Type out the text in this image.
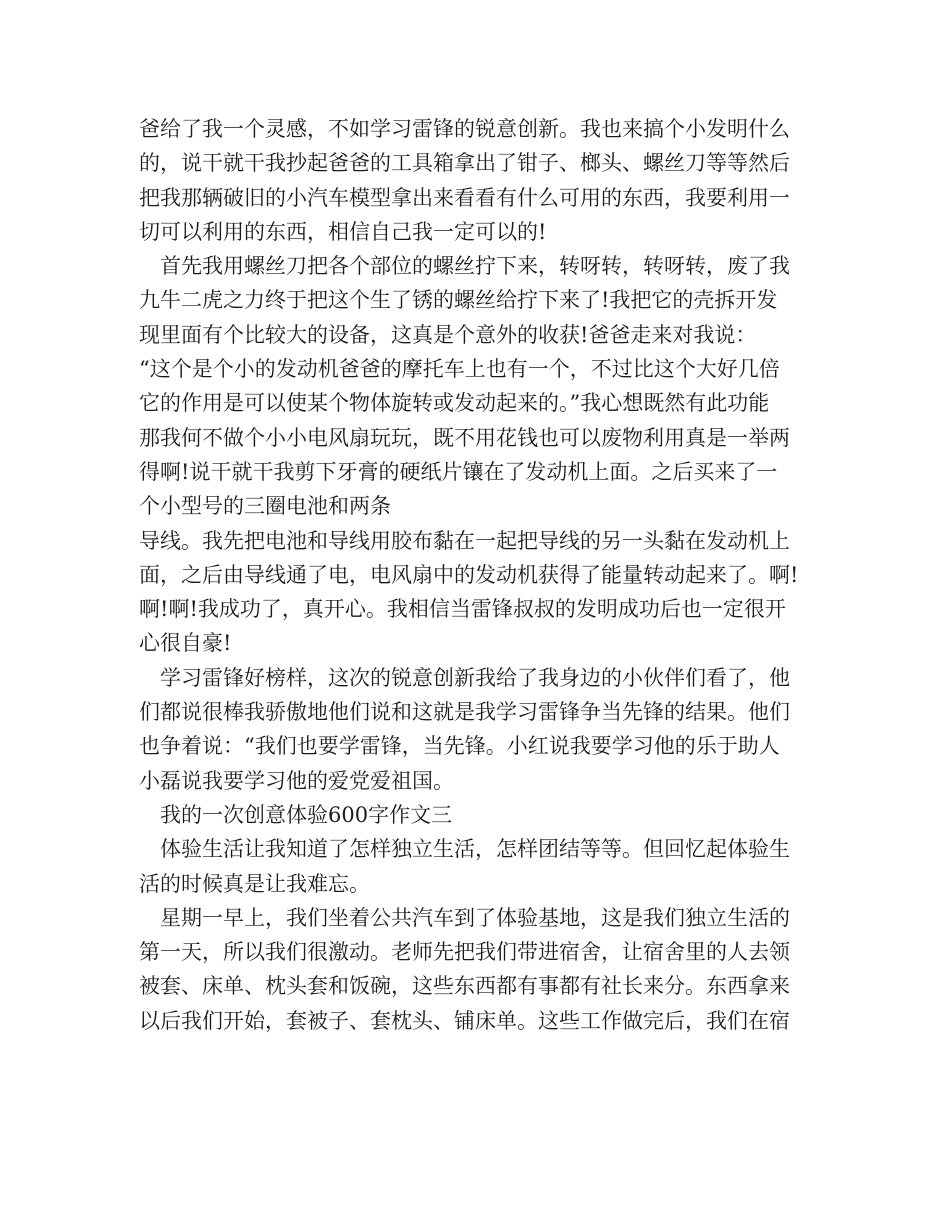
爸给了我一个灵感，不如学习雷锋的锐意创新。我也来搞个小发明什么
的，说干就干我抄起爸爸的工具箱拿出了钳子、榔头、螺丝刀等等然后
把我那辆破旧的小汽车模型拿出来看看有什么可用的东西，我要利用一
切可以利用的东西，相信自己我一定可以的!
　首先我用螺丝刀把各个部位的螺丝拧下来，转呀转，转呀转，废了我
九牛二虎之力终于把这个生了锈的螺丝给拧下来了!我把它的壳拆开发
现里面有个比较大的设备，这真是个意外的收获!爸爸走来对我说：
“这个是个小的发动机爸爸的摩托车上也有一个，不过比这个大好几倍
它的作用是可以使某个物体旋转或发动起来的。”我心想既然有此功能
那我何不做个小小电风扇玩玩，既不用花钱也可以废物利用真是一举两
得啊!说干就干我剪下牙膏的硬纸片镶在了发动机上面。之后买来了一
个小型号的三圈电池和两条
导线。我先把电池和导线用胶布黏在一起把导线的另一头黏在发动机上
面，之后由导线通了电，电风扇中的发动机获得了能量转动起来了。啊!
啊!啊!我成功了，真开心。我相信当雷锋叔叔的发明成功后也一定很开
心很自豪!
　学习雷锋好榜样，这次的锐意创新我给了我身边的小伙伴们看了，他
们都说很棒我骄傲地他们说和这就是我学习雷锋争当先锋的结果。他们
也争着说：“我们也要学雷锋，当先锋。小红说我要学习他的乐于助人
小磊说我要学习他的爱党爱祖国。
　我的一次创意体验600字作文三
　体验生活让我知道了怎样独立生活，怎样团结等等。但回忆起体验生
活的时候真是让我难忘。
　星期一早上，我们坐着公共汽车到了体验基地，这是我们独立生活的
第一天，所以我们很激动。老师先把我们带进宿舍，让宿舍里的人去领
被套、床单、枕头套和饭碗，这些东西都有事都有社长来分。东西拿来
以后我们开始，套被子、套枕头、铺床单。这些工作做完后，我们在宿
